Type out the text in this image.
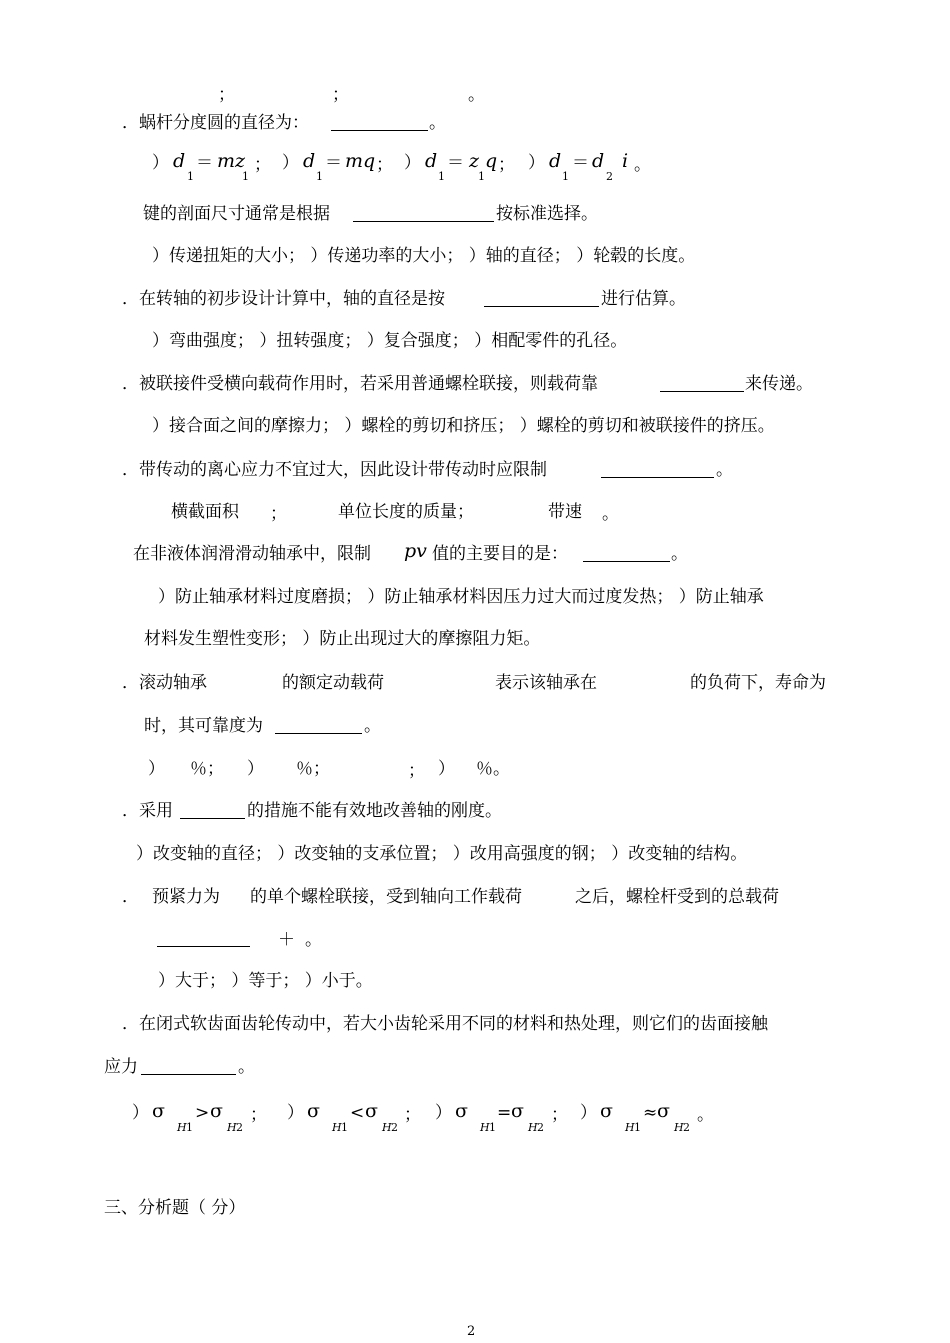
；	；	。
．蜗杆分度圆的直径为：	。
） d
1
＝ mz
1
； ） d
1
＝ mq ； ） d
1
＝ z
1
q ； ） d
1
＝ d
2
i 。
键的剖面尺寸通常是根据	按标准选择。
）传递扭矩的大小； ）传递功率的大小； ）轴的直径； ）轮毂的长度。
．在转轴的初步设计计算中，轴的直径是按	进行估算。
）弯曲强度； ）扭转强度； ）复合强度； ）相配零件的孔径。
．被联接件受横向载荷作用时，若采用普通螺栓联接，则载荷靠	来传递。
）接合面之间的摩擦力； ）螺栓的剪切和挤压； ）螺栓的剪切和被联接件的挤压。
．带传动的离心应力不宜过大，因此设计带传动时应限制	。
横截面积 ；	单位长度的质量；	带速 。
在非液体润滑滑动轴承中，限制 pv 值的主要目的是：	。
）防止轴承材料过度磨损； ）防止轴承材料因压力过大而过度发热； ）防止轴承
材料发生塑性变形； ）防止出现过大的摩擦阻力矩。
．滚动轴承	的额定动载荷	表示该轴承在	的负荷下，寿命为
时，其可靠度为	。
） ％； ） ％；	； ） ％。
．采用	的措施不能有效地改善轴的刚度。
）改变轴的直径； ）改变轴的支承位置； ）改用高强度的钢； ）改变轴的结构。
． 预紧力为 的单个螺栓联接，受到轴向工作载荷	之后，螺栓杆受到的总载荷
＋ 。
）大于； ）等于； ）小于。
．在闭式软齿面齿轮传动中，若大小齿轮采用不同的材料和热处理，则它们的齿面接触
应力	。
） σ
H 1
> σ
H 2
； ） σ
H 1
< σ
H 2
； ） σ
H 1
= σ
H 2
； ） σ
H 1
≈ σ
H 2
。
三、分析题（ 分）
2
